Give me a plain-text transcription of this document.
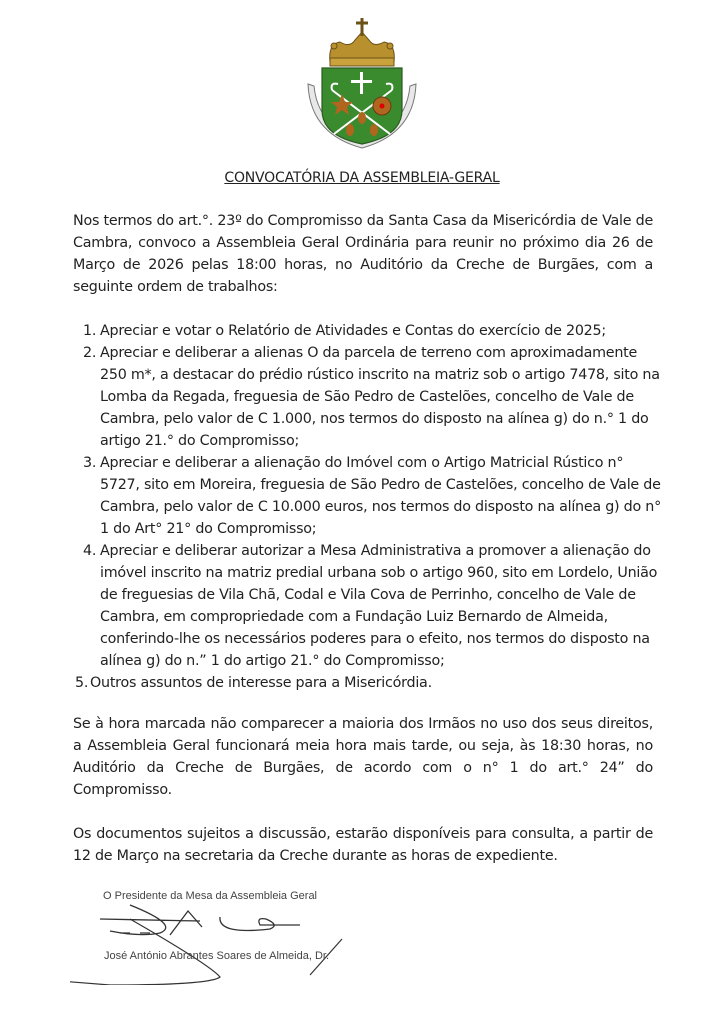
CONVOCATÓRIA DA ASSEMBLEIA-GERAL
Nos termos do art.°. 23º do Compromisso da Santa Casa da Misericórdia de Vale de Cambra, convoco a Assembleia Geral Ordinária para reunir no próximo dia 26 de Março de 2026 pelas 18:00 horas, no Auditório da Creche de Burgães, com a seguinte ordem de trabalhos:
1. Apreciar e votar o Relatório de Atividades e Contas do exercício de 2025;
2. Apreciar e deliberar a alienas O da parcela de terreno com aproximadamente 250 m*, a destacar do prédio rústico inscrito na matriz sob o artigo 7478, sito na Lomba da Regada, freguesia de São Pedro de Castelões, concelho de Vale de Cambra, pelo valor de C 1.000, nos termos do disposto na alínea g) do n.° 1 do artigo 21.° do Compromisso;
3. Apreciar e deliberar a alienação do Imóvel com o Artigo Matricial Rústico n° 5727, sito em Moreira, freguesia de São Pedro de Castelões, concelho de Vale de Cambra, pelo valor de C 10.000 euros, nos termos do disposto na alínea g) do n° 1 do Art° 21° do Compromisso;
4. Apreciar e deliberar autorizar a Mesa Administrativa a promover a alienação do imóvel inscrito na matriz predial urbana sob o artigo 960, sito em Lordelo, União de freguesias de Vila Chã, Codal e Vila Cova de Perrinho, concelho de Vale de Cambra, em compropriedade com a Fundação Luiz Bernardo de Almeida, conferindo-lhe os necessários poderes para o efeito, nos termos do disposto na alínea g) do n.” 1 do artigo 21.° do Compromisso;
5. Outros assuntos de interesse para a Misericórdia.
Se à hora marcada não comparecer a maioria dos Irmãos no uso dos seus direitos, a Assembleia Geral funcionará meia hora mais tarde, ou seja, às 18:30 horas, no Auditório da Creche de Burgães, de acordo com o n° 1 do art.° 24” do Compromisso.
Os documentos sujeitos a discussão, estarão disponíveis para consulta, a partir de 12 de Março na secretaria da Creche durante as horas de expediente.
O Presidente da Mesa da Assembleia Geral
José António Abrantes Soares de Almeida, Dr.
